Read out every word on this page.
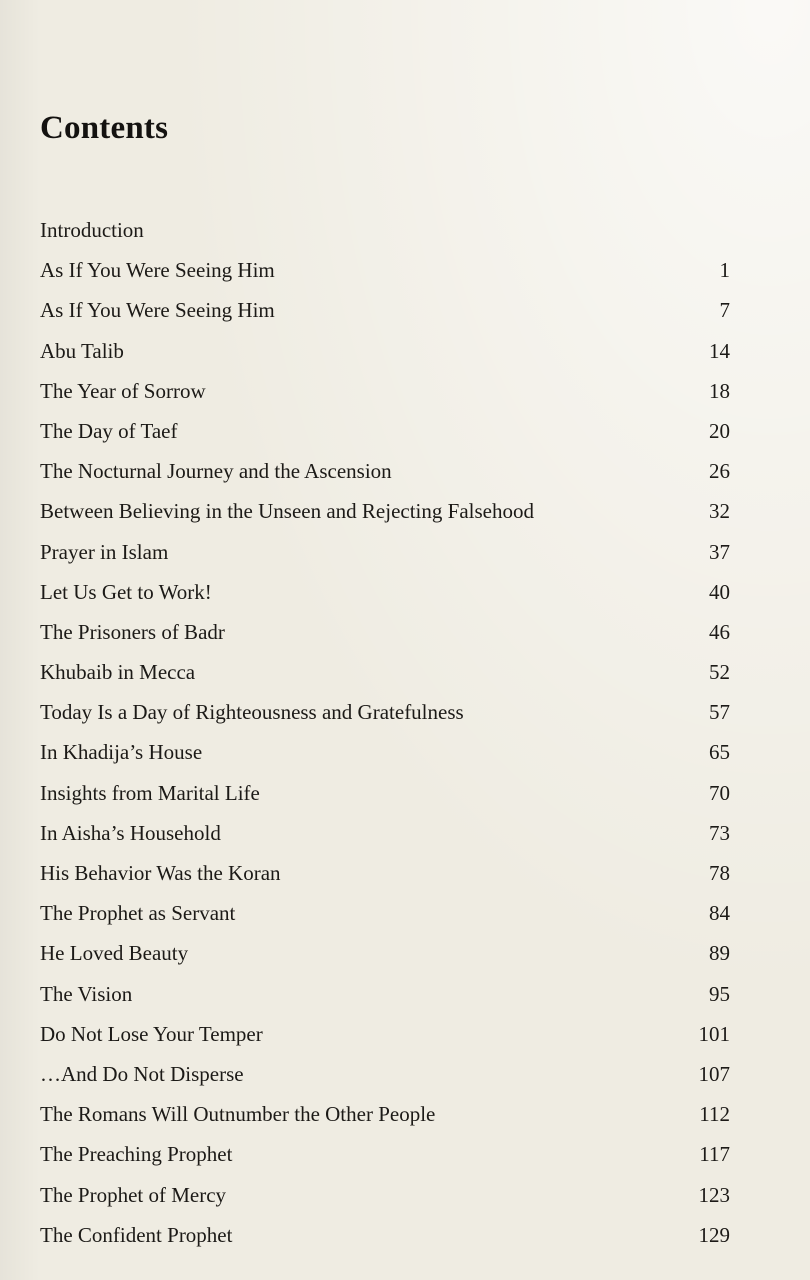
Contents
Introduction
As If You Were Seeing Him	1
As If You Were Seeing Him	7
Abu Talib	14
The Year of Sorrow	18
The Day of Taef	20
The Nocturnal Journey and the Ascension	26
Between Believing in the Unseen and Rejecting Falsehood	32
Prayer in Islam	37
Let Us Get to Work!	40
The Prisoners of Badr	46
Khubaib in Mecca	52
Today Is a Day of Righteousness and Gratefulness	57
In Khadija’s House	65
Insights from Marital Life	70
In Aisha’s Household	73
His Behavior Was the Koran	78
The Prophet as Servant	84
He Loved Beauty	89
The Vision	95
Do Not Lose Your Temper	101
…And Do Not Disperse	107
The Romans Will Outnumber the Other People	112
The Preaching Prophet	117
The Prophet of Mercy	123
The Confident Prophet	129
